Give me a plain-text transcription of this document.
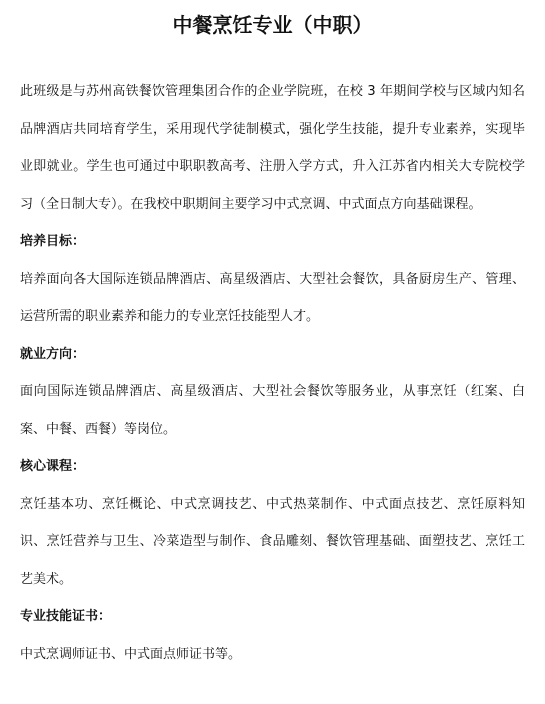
中餐烹饪专业（中职）

此班级是与苏州高铁餐饮管理集团合作的企业学院班，在校 3 年期间学校与区域内知名品牌酒店共同培育学生，采用现代学徒制模式，强化学生技能，提升专业素养，实现毕业即就业。学生也可通过中职职教高考、注册入学方式，升入江苏省内相关大专院校学习（全日制大专）。在我校中职期间主要学习中式烹调、中式面点方向基础课程。

培养目标：

培养面向各大国际连锁品牌酒店、高星级酒店、大型社会餐饮，具备厨房生产、管理、运营所需的职业素养和能力的专业烹饪技能型人才。

就业方向：

面向国际连锁品牌酒店、高星级酒店、大型社会餐饮等服务业，从事烹饪（红案、白案、中餐、西餐）等岗位。

核心课程：

烹饪基本功、烹饪概论、中式烹调技艺、中式热菜制作、中式面点技艺、烹饪原料知识、烹饪营养与卫生、冷菜造型与制作、食品雕刻、餐饮管理基础、面塑技艺、烹饪工艺美术。

专业技能证书：

中式烹调师证书、中式面点师证书等。
